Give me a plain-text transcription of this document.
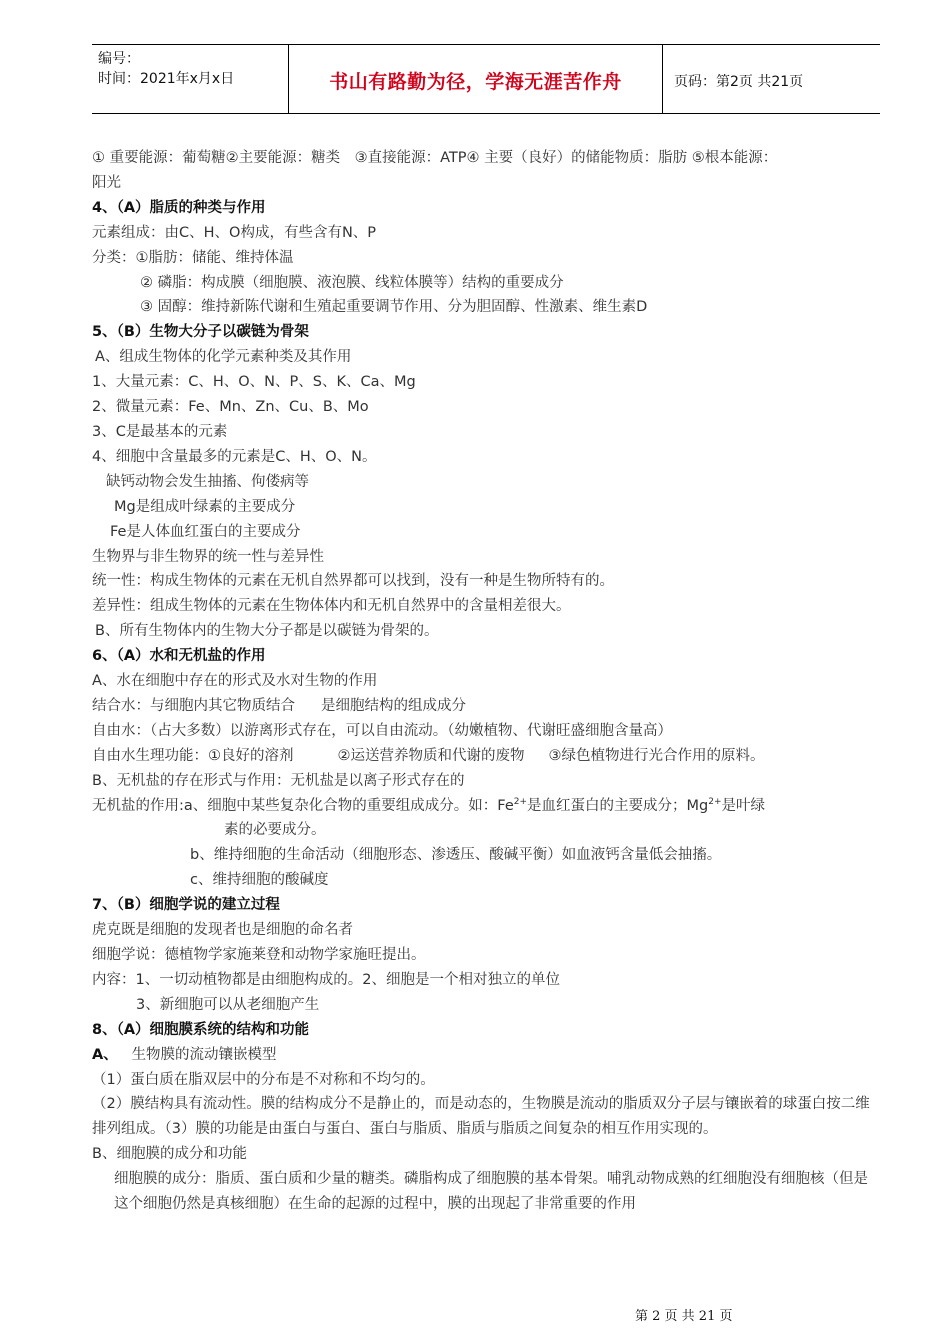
编号：
时间：2021年x月x日	书山有路勤为径，学海无涯苦作舟	页码：第2页 共21页
① 重要能源：葡萄糖②主要能源：糖类　③直接能源：ATP④ 主要（良好）的储能物质：脂肪 ⑤根本能源：
阳光
4、（A）脂质的种类与作用
元素组成：由C、H、O构成，有些含有N、P
分类：①脂肪：储能、维持体温
② 磷脂：构成膜（细胞膜、液泡膜、线粒体膜等）结构的重要成分
③ 固醇：维持新陈代谢和生殖起重要调节作用、分为胆固醇、性激素、维生素D
5、（B）生物大分子以碳链为骨架
A、组成生物体的化学元素种类及其作用
1、大量元素：C、H、O、N、P、S、K、Ca、Mg
2、微量元素：Fe、Mn、Zn、Cu、B、Mo
3、C是最基本的元素
4、细胞中含量最多的元素是C、H、O、N。
缺钙动物会发生抽搐、佝偻病等
Mg是组成叶绿素的主要成分
Fe是人体血红蛋白的主要成分
生物界与非生物界的统一性与差异性
统一性：构成生物体的元素在无机自然界都可以找到，没有一种是生物所特有的。
差异性：组成生物体的元素在生物体体内和无机自然界中的含量相差很大。
B、所有生物体内的生物大分子都是以碳链为骨架的。
6、（A）水和无机盐的作用
A、水在细胞中存在的形式及水对生物的作用
结合水：与细胞内其它物质结合 是细胞结构的组成成分
自由水：（占大多数）以游离形式存在，可以自由流动。（幼嫩植物、代谢旺盛细胞含量高）
自由水生理功能：①良好的溶剂	②运送营养物质和代谢的废物 ③绿色植物进行光合作用的原料。
B、无机盐的存在形式与作用：无机盐是以离子形式存在的
无机盐的作用:a、细胞中某些复杂化合物的重要组成成分。如：$Fe^{2+}$是血红蛋白的主要成分；$Mg^{2+}$是叶绿
素的必要成分。
b、维持细胞的生命活动（细胞形态、渗透压、酸碱平衡）如血液钙含量低会抽搐。
c、维持细胞的酸碱度
7、（B）细胞学说的建立过程
虎克既是细胞的发现者也是细胞的命名者
细胞学说：德植物学家施莱登和动物学家施旺提出。
内容：1、一切动植物都是由细胞构成的。2、细胞是一个相对独立的单位
3、新细胞可以从老细胞产生
8、（A）细胞膜系统的结构和功能
A、 生物膜的流动镶嵌模型
（1）蛋白质在脂双层中的分布是不对称和不均匀的。
（2）膜结构具有流动性。膜的结构成分不是静止的，而是动态的，生物膜是流动的脂质双分子层与镶嵌着的球蛋白按二维排列组成。（3）膜的功能是由蛋白与蛋白、蛋白与脂质、脂质与脂质之间复杂的相互作用实现的。
B、细胞膜的成分和功能
细胞膜的成分：脂质、蛋白质和少量的糖类。磷脂构成了细胞膜的基本骨架。哺乳动物成熟的红细胞没有细胞核（但是这个细胞仍然是真核细胞）在生命的起源的过程中，膜的出现起了非常重要的作用
第 2 页 共 21 页
